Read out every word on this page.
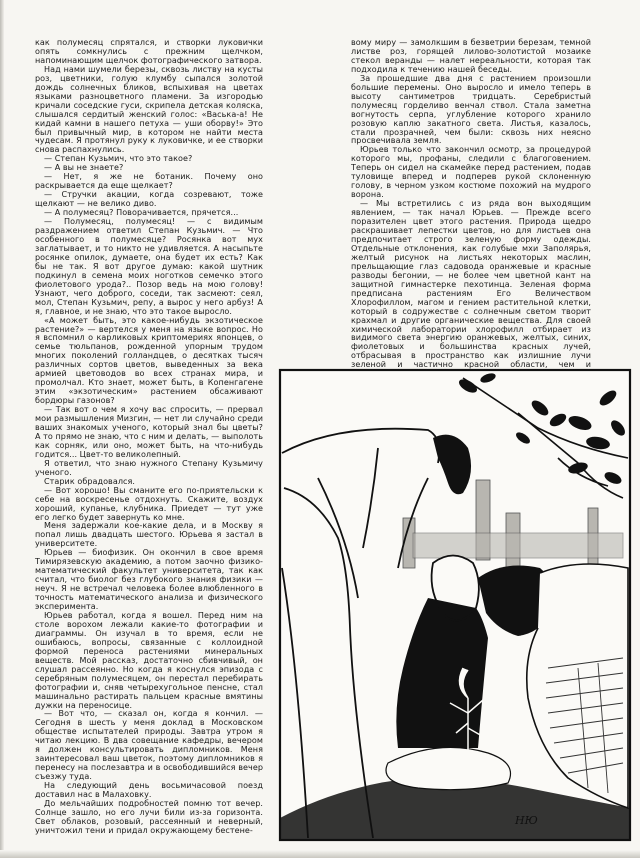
как полумесяц спрятался, и створки луковички опять сомкнулись с прежним щелчком, напоминающим щелчок фотографического затвора.

Над нами шумели березы, сквозь листву на кусты роз, цветники, голую клумбу сыпался золотой дождь солнечных бликов, вспыхивая на цветах языками разноцветного пламени. За изгородью кричали соседские гуси, скрипела детская коляска, слышался сердитый женский голос: «Васька-а! Не кидай камни в нашего петуха — уши оборву!» Это был привычный мир, в котором не найти места чудесам. Я протянул руку к луковичке, и ее створки снова распахнулись.

— Степан Кузьмич, что это такое?

— А вы не знаете?

— Нет, я же не ботаник. Почему оно раскрывается да еще щелкает?

— Стручки акации, когда созревают, тоже щелкают — не велико диво.

— А полумесяц? Поворачивается, прячется...

— Полумесяц, полумесяц! — с видимым раздражением ответил Степан Кузьмич. — Что особенного в полумесяце? Росянка вот мух заглатывает, и то никто не удивляется. А насыпьте росянке опилок, думаете, она будет их есть? Как бы не так. Я вот другое думаю: какой шутник подкинул в семена моих ноготков семечко этого фиолетового урода?.. Позор ведь на мою голову! Узнают, чего доброго, соседи, так засмеют: сеял, мол, Степан Кузьмич, репу, а вырос у него арбуз! А я, главное, и не знаю, что это такое выросло.

«А может быть, это какое-нибудь экзотическое растение?» — вертелся у меня на языке вопрос. Но я вспомнил о карликовых криптомериях японцев, о семье тюльпанов, рожденной упорным трудом многих поколений голландцев, о десятках тысяч различных сортов цветов, выведенных за века армией цветоводов во всех странах мира, и промолчал. Кто знает, может быть, в Копенгагене этим «экзотическим» растением обсаживают бордюры газонов?

— Так вот о чем я хочу вас спросить, — прервал мои размышления Мизгин, — нет ли случайно среди ваших знакомых ученого, который знал бы цветы? А то прямо не знаю, что с ним и делать, — выполоть как сорняк, или оно, может быть, на что-нибудь годится... Цвет-то великолепный.

Я ответил, что знаю нужного Степану Кузьмичу ученого.

Старик обрадовался.

— Вот хорошо! Вы сманите его по-приятельски к себе на воскресенье отдохнуть. Скажите, воздух хороший, купанье, клубника. Приедет — тут уже его легко будет завернуть ко мне.

Меня задержали кое-какие дела, и в Москву я попал лишь двадцать шестого. Юрьева я застал в университете.

Юрьев — биофизик. Он окончил в свое время Тимирязевскую академию, а потом заочно физико-математический факультет университета, так как считал, что биолог без глубокого знания физики — неуч. Я не встречал человека более влюбленного в точность математического анализа и физического эксперимента.

Юрьев работал, когда я вошел. Перед ним на столе ворохом лежали какие-то фотографии и диаграммы. Он изучал в то время, если не ошибаюсь, вопросы, связанные с коллоидной формой переноса растениями минеральных веществ. Мой рассказ, достаточно сбивчивый, он слушал рассеянно. Но когда я коснулся эпизода с серебряным полумесяцем, он перестал перебирать фотографии и, сняв четырехугольное пенсне, стал машинально растирать пальцем красные вмятины дужки на переносице.

— Вот что, — сказал он, когда я кончил. — Сегодня в шесть у меня доклад в Московском обществе испытателей природы. Завтра утром я читаю лекцию. В два совещание кафедры, вечером я должен консультировать дипломников. Меня заинтересовал ваш цветок, поэтому дипломников я перенесу на послезавтра и в освободившийся вечер съезжу туда.

На следующий день восьмичасовой поезд доставил нас в Малаховку.

До мельчайших подробностей помню тот вечер. Солнце зашло, но его лучи били из-за горизонта. Свет облаков, розовый, рассеянный и неверный, уничтожил тени и придал окружающему бестене-

вому миру — замолкшим в безветрии березам, темной листве роз, горящей лилово-золотистой мозаике стекол веранды — налет нереальности, которая так подходила к течению нашей беседы.

За прошедшие два дня с растением произошли большие перемены. Оно выросло и имело теперь в высоту сантиметров тридцать. Серебристый полумесяц горделиво венчал ствол. Стала заметна вогнутость серпа, углубление которого хранило розовую каплю закатного света. Листья, казалось, стали прозрачней, чем были: сквозь них неясно просвечивала земля.

Юрьев только что закончил осмотр, за процедурой которого мы, профаны, следили с благоговением. Теперь он сидел на скамейке перед растением, подав туловище вперед и подперев рукой склоненную голову, в черном узком костюме похожий на мудрого ворона.

— Мы встретились с из ряда вон выходящим явлением, — так начал Юрьев. — Прежде всего поразителен цвет этого растения. Природа щедро раскрашивает лепестки цветов, но для листьев она предпочитает строго зеленую форму одежды. Отдельные отклонения, как голубые мхи Заполярья, желтый рисунок на листьях некоторых маслин, прельщающие глаз садовода оранжевые и красные разводы бегонии, — не более чем цветной кант на защитной гимнастерке пехотинца. Зеленая форма предписана растениям Его Величеством Хлорофиллом, магом и гением растительной клетки, который в содружестве с солнечным светом творит крахмал и другие органические вещества. Для своей химической лаборатории хлорофилл отбирает из видимого света энергию оранжевых, желтых, синих, фиолетовых и большинства красных лучей, отбрасывая в пространство как излишние лучи зеленой и частично красной области, чем и

НЮ
